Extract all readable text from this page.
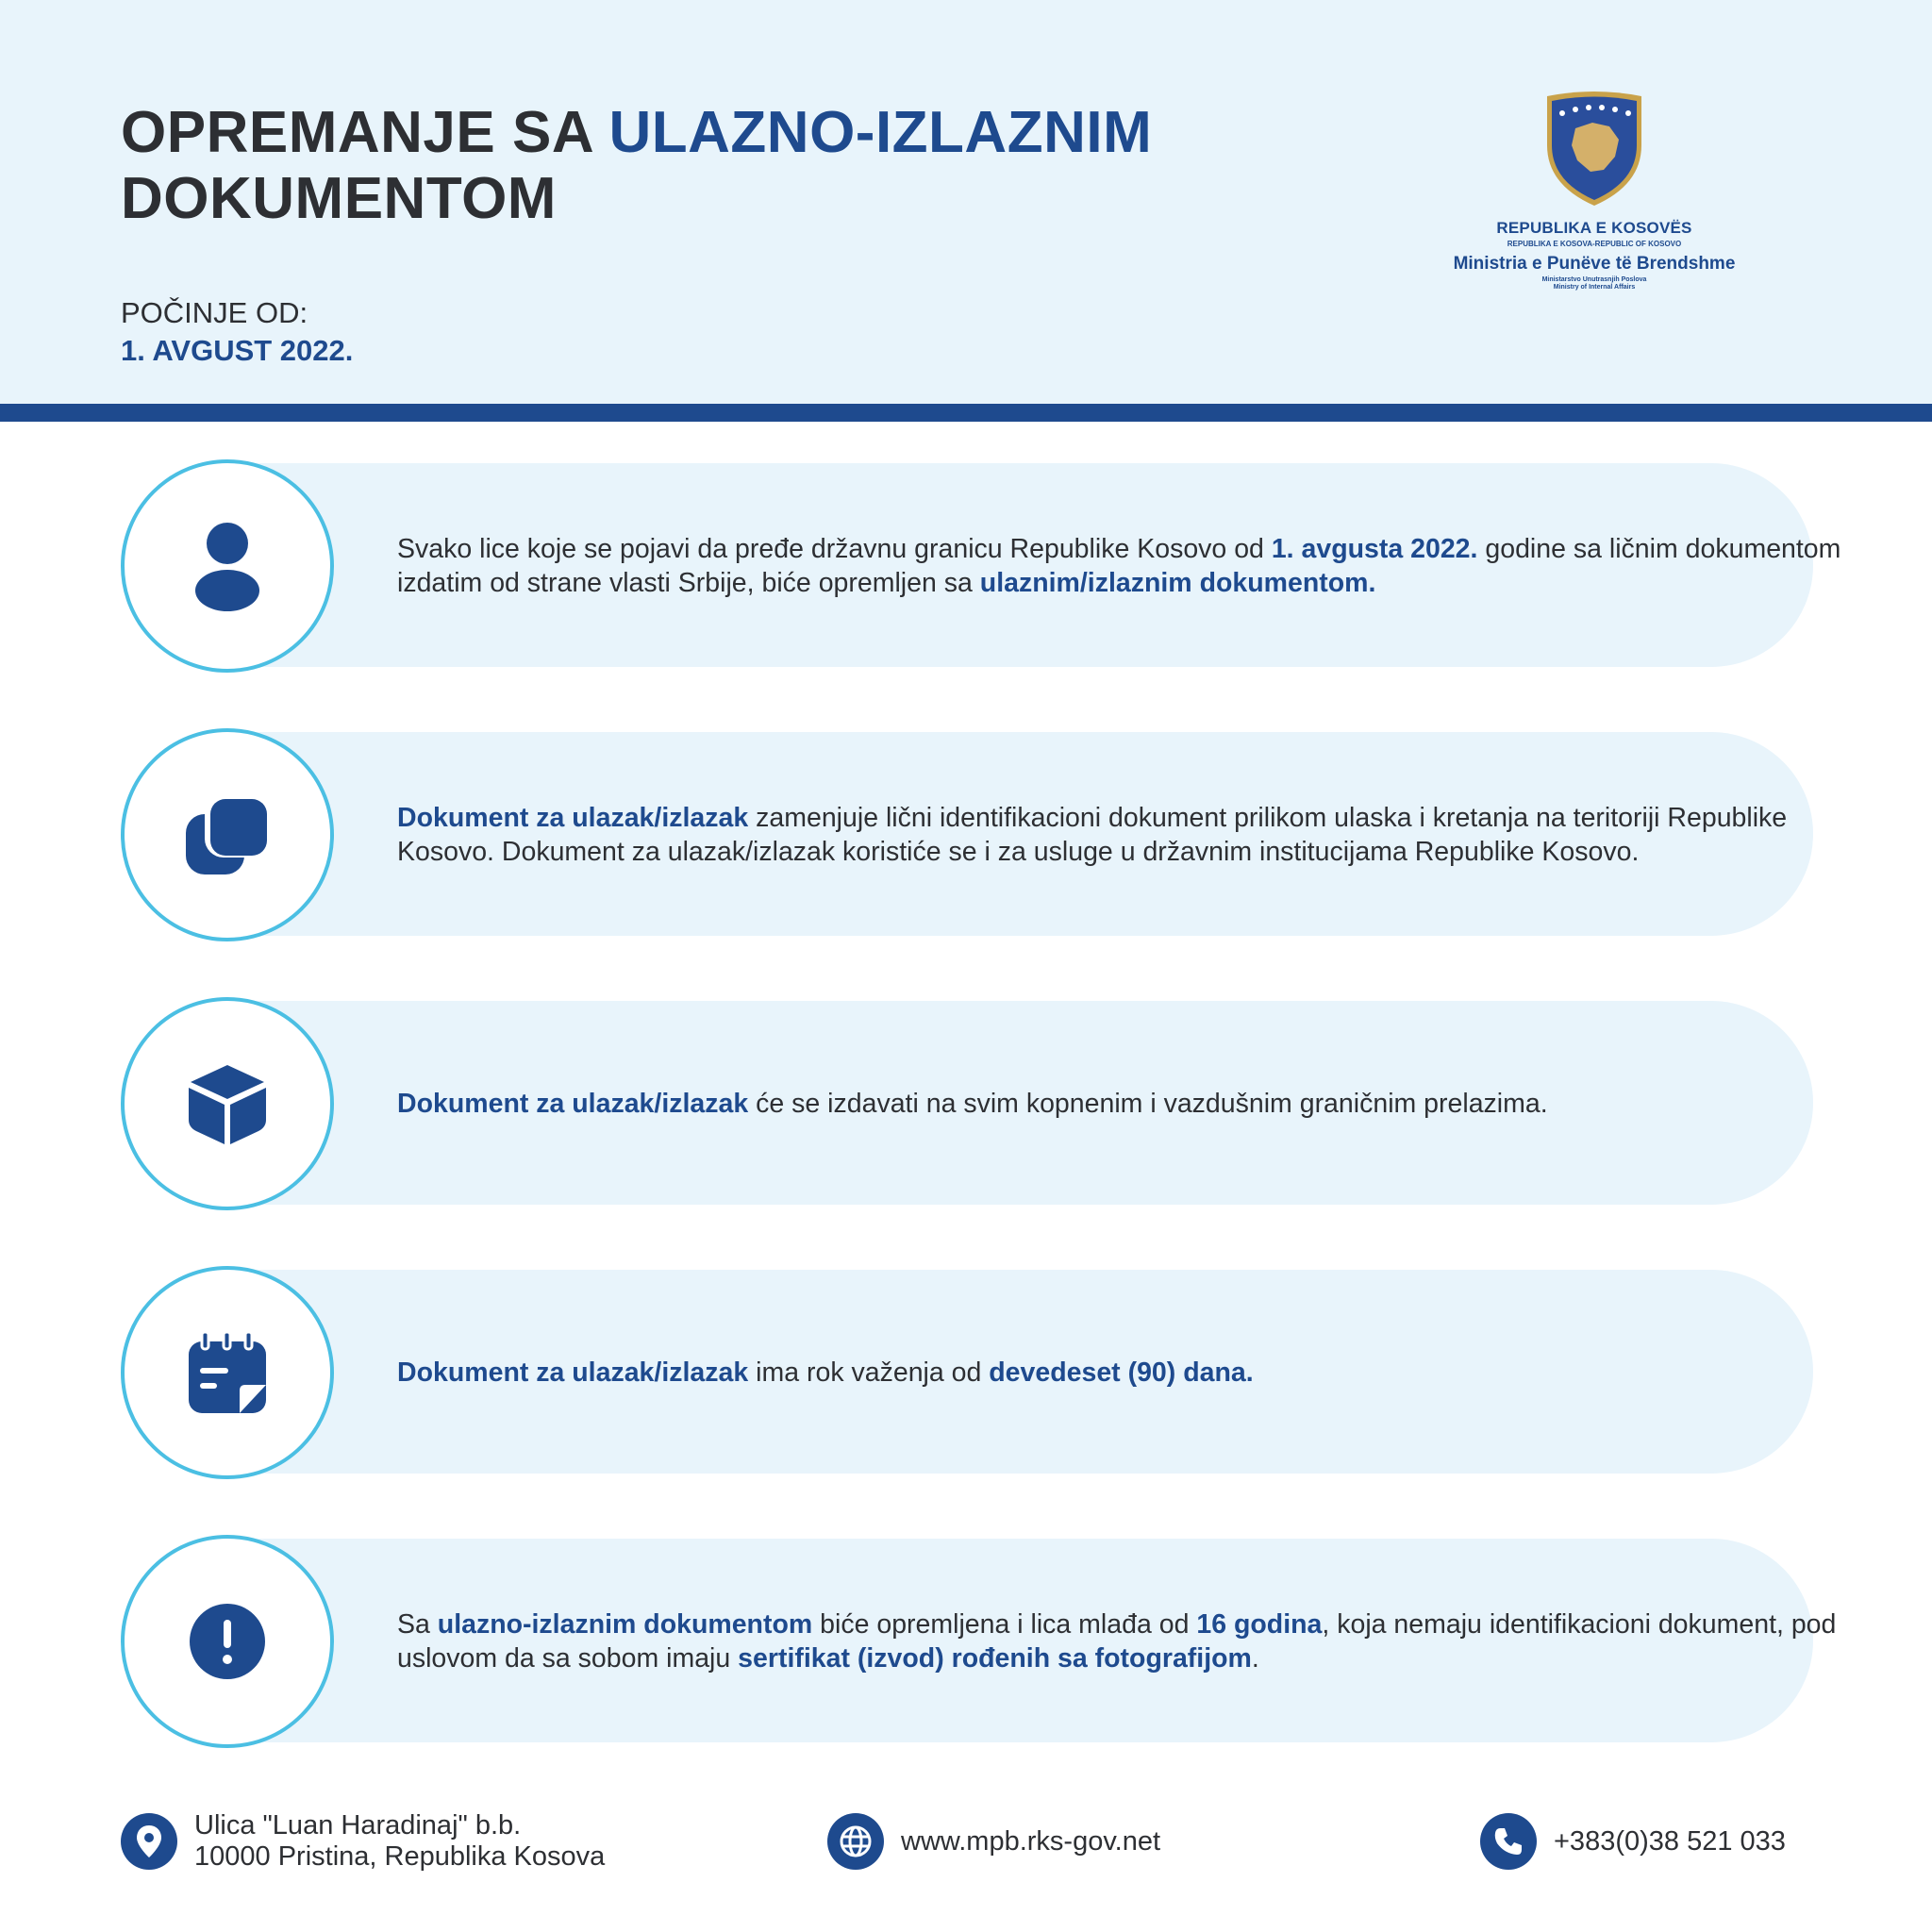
OPREMANJE SA ULAZNO-IZLAZNIM
DOKUMENTOM
POČINJE OD:
1. AVGUST 2022.
REPUBLIKA E KOSOVËS
REPUBLIKA E KOSOVA-REPUBLIC OF KOSOVO
Ministria e Punëve të Brendshme
Ministarstvo Unutrasnjih Poslova
Ministry of Internal Affairs

Svako lice koje se pojavi da pređe državnu granicu Republike Kosovo od 1. avgusta 2022. godine sa ličnim dokumentom izdatim od strane vlasti Srbije, biće opremljen sa ulaznim/izlaznim dokumentom.

Dokument za ulazak/izlazak zamenjuje lični identifikacioni dokument prilikom ulaska i kretanja na teritoriji Republike Kosovo. Dokument za ulazak/izlazak koristiće se i za usluge u državnim institucijama Republike Kosovo.

Dokument za ulazak/izlazak će se izdavati na svim kopnenim i vazdušnim graničnim prelazima.

Dokument za ulazak/izlazak ima rok važenja od devedeset (90) dana.

Sa ulazno-izlaznim dokumentom biće opremljena i lica mlađa od 16 godina, koja nemaju identifikacioni dokument, pod uslovom da sa sobom imaju sertifikat (izvod) rođenih sa fotografijom.

Ulica "Luan Haradinaj" b.b.
10000 Pristina, Republika Kosova
www.mpb.rks-gov.net	+383(0)38 521 033
